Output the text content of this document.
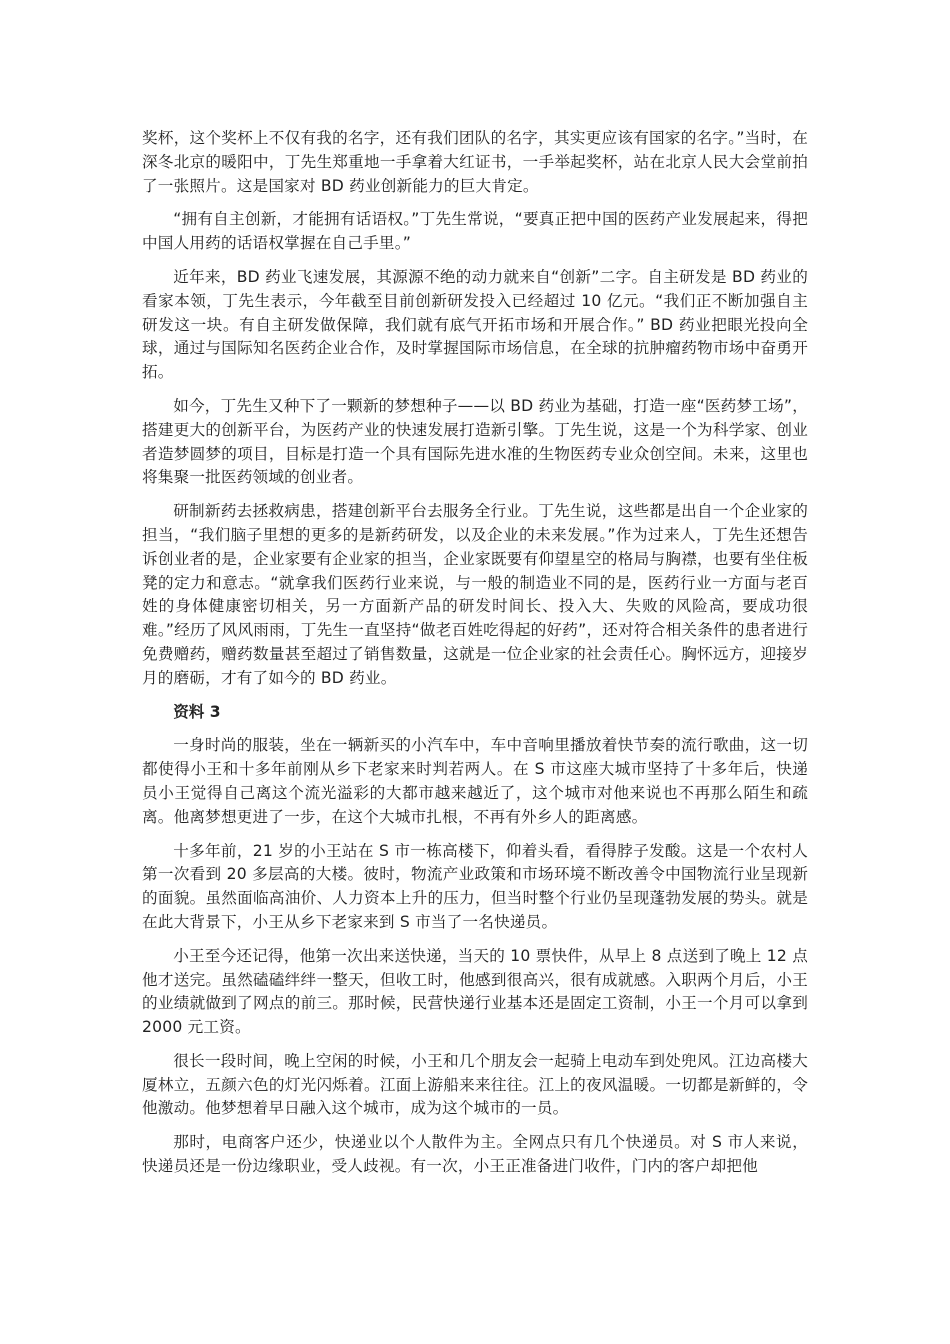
奖杯，这个奖杯上不仅有我的名字，还有我们团队的名字，其实更应该有国家的名字。”当时，在深冬北京的暖阳中，丁先生郑重地一手拿着大红证书，一手举起奖杯，站在北京人民大会堂前拍了一张照片。这是国家对 BD 药业创新能力的巨大肯定。

“拥有自主创新，才能拥有话语权。”丁先生常说，“要真正把中国的医药产业发展起来，得把中国人用药的话语权掌握在自己手里。”

近年来，BD 药业飞速发展，其源源不绝的动力就来自“创新”二字。自主研发是 BD 药业的看家本领，丁先生表示，今年截至目前创新研发投入已经超过 10 亿元。“我们正不断加强自主研发这一块。有自主研发做保障，我们就有底气开拓市场和开展合作。” BD 药业把眼光投向全球，通过与国际知名医药企业合作，及时掌握国际市场信息，在全球的抗肿瘤药物市场中奋勇开拓。

如今，丁先生又种下了一颗新的梦想种子——以 BD 药业为基础，打造一座“医药梦工场”，搭建更大的创新平台，为医药产业的快速发展打造新引擎。丁先生说，这是一个为科学家、创业者造梦圆梦的项目，目标是打造一个具有国际先进水准的生物医药专业众创空间。未来，这里也将集聚一批医药领域的创业者。

研制新药去拯救病患，搭建创新平台去服务全行业。丁先生说，这些都是出自一个企业家的担当，“我们脑子里想的更多的是新药研发，以及企业的未来发展。”作为过来人，丁先生还想告诉创业者的是，企业家要有企业家的担当，企业家既要有仰望星空的格局与胸襟，也要有坐住板凳的定力和意志。“就拿我们医药行业来说，与一般的制造业不同的是，医药行业一方面与老百姓的身体健康密切相关，另一方面新产品的研发时间长、投入大、失败的风险高，要成功很难。”经历了风风雨雨，丁先生一直坚持“做老百姓吃得起的好药”，还对符合相关条件的患者进行免费赠药，赠药数量甚至超过了销售数量，这就是一位企业家的社会责任心。胸怀远方，迎接岁月的磨砺，才有了如今的 BD 药业。

资料 3

一身时尚的服装，坐在一辆新买的小汽车中，车中音响里播放着快节奏的流行歌曲，这一切都使得小王和十多年前刚从乡下老家来时判若两人。在 S 市这座大城市坚持了十多年后，快递员小王觉得自己离这个流光溢彩的大都市越来越近了，这个城市对他来说也不再那么陌生和疏离。他离梦想更进了一步，在这个大城市扎根，不再有外乡人的距离感。

十多年前，21 岁的小王站在 S 市一栋高楼下，仰着头看，看得脖子发酸。这是一个农村人第一次看到 20 多层高的大楼。彼时，物流产业政策和市场环境不断改善令中国物流行业呈现新的面貌。虽然面临高油价、人力资本上升的压力，但当时整个行业仍呈现蓬勃发展的势头。就是在此大背景下，小王从乡下老家来到 S 市当了一名快递员。

小王至今还记得，他第一次出来送快递，当天的 10 票快件，从早上 8 点送到了晚上 12 点他才送完。虽然磕磕绊绊一整天，但收工时，他感到很高兴，很有成就感。入职两个月后，小王的业绩就做到了网点的前三。那时候，民营快递行业基本还是固定工资制，小王一个月可以拿到 2000 元工资。

很长一段时间，晚上空闲的时候，小王和几个朋友会一起骑上电动车到处兜风。江边高楼大厦林立，五颜六色的灯光闪烁着。江面上游船来来往往。江上的夜风温暖。一切都是新鲜的，令他激动。他梦想着早日融入这个城市，成为这个城市的一员。

那时，电商客户还少，快递业以个人散件为主。全网点只有几个快递员。对 S 市人来说，快递员还是一份边缘职业，受人歧视。有一次，小王正准备进门收件，门内的客户却把他
